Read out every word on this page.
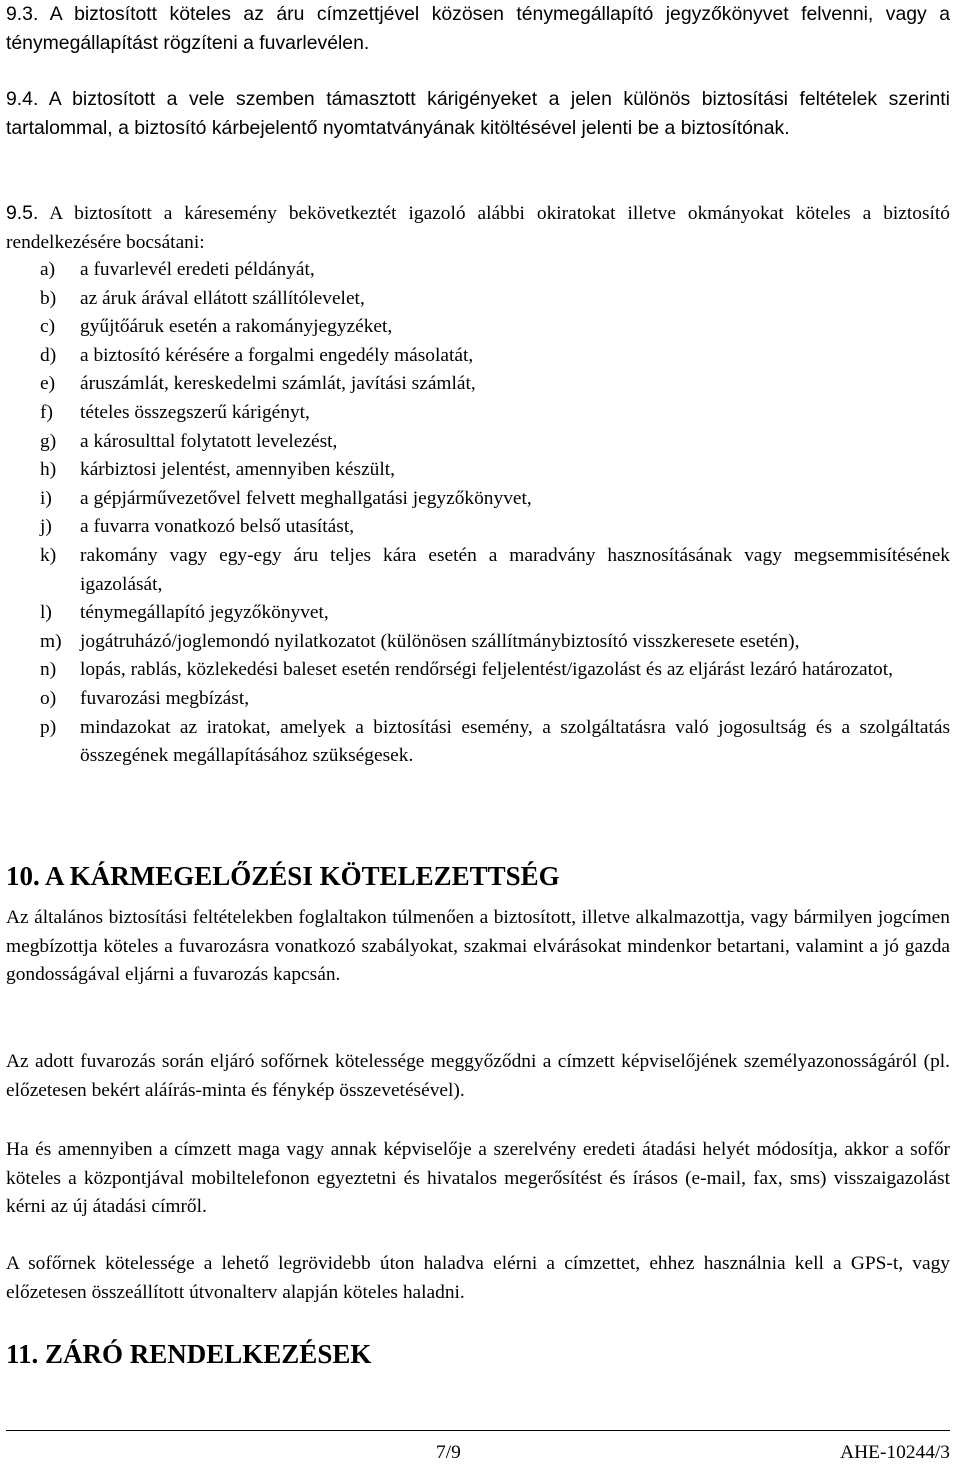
9.3. A biztosított köteles az áru címzettjével közösen ténymegállapító jegyzőkönyvet felvenni, vagy a ténymegállapítást rögzíteni a fuvarlevélen.

9.4. A biztosított a vele szemben támasztott kárigényeket a jelen különös biztosítási feltételek szerinti tartalommal, a biztosító kárbejelentő nyomtatványának kitöltésével jelenti be a biztosítónak.

9.5. A biztosított a káresemény bekövetkeztét igazoló alábbi okiratokat illetve okmányokat köteles a biztosító rendelkezésére bocsátani:

a) a fuvarlevél eredeti példányát,
b) az áruk árával ellátott szállítólevelet,
c) gyűjtőáruk esetén a rakományjegyzéket,
d) a biztosító kérésére a forgalmi engedély másolatát,
e) áruszámlát, kereskedelmi számlát, javítási számlát,
f) tételes összegszerű kárigényt,
g) a károsulttal folytatott levelezést,
h) kárbiztosi jelentést, amennyiben készült,
i) a gépjárművezetővel felvett meghallgatási jegyzőkönyvet,
j) a fuvarra vonatkozó belső utasítást,
k) rakomány vagy egy-egy áru teljes kára esetén a maradvány hasznosításának vagy megsemmisítésének igazolását,
l) ténymegállapító jegyzőkönyvet,
m) jogátruházó/joglemondó nyilatkozatot (különösen szállítmánybiztosító visszkeresete esetén),
n) lopás, rablás, közlekedési baleset esetén rendőrségi feljelentést/igazolást és az eljárást lezáró határozatot,
o) fuvarozási megbízást,
p) mindazokat az iratokat, amelyek a biztosítási esemény, a szolgáltatásra való jogosultság és a szolgáltatás összegének megállapításához szükségesek.
10. A KÁRMEGELŐZÉSI KÖTELEZETTSÉG

Az általános biztosítási feltételekben foglaltakon túlmenően a biztosított, illetve alkalmazottja, vagy bármilyen jogcímen megbízottja köteles a fuvarozásra vonatkozó szabályokat, szakmai elvárásokat mindenkor betartani, valamint a jó gazda gondosságával eljárni a fuvarozás kapcsán.

Az adott fuvarozás során eljáró sofőrnek kötelessége meggyőződni a címzett képviselőjének személyazonosságáról (pl. előzetesen bekért aláírás-minta és fénykép összevetésével).

Ha és amennyiben a címzett maga vagy annak képviselője a szerelvény eredeti átadási helyét módosítja, akkor a sofőr köteles a központjával mobiltelefonon egyeztetni és hivatalos megerősítést és írásos (e-mail, fax, sms) visszaigazolást kérni az új átadási címről.

A sofőrnek kötelessége a lehető legrövidebb úton haladva elérni a címzettet, ehhez használnia kell a GPS-t, vagy előzetesen összeállított útvonalterv alapján köteles haladni.

11. ZÁRÓ RENDELKEZÉSEK
7/9	AHE-10244/3
